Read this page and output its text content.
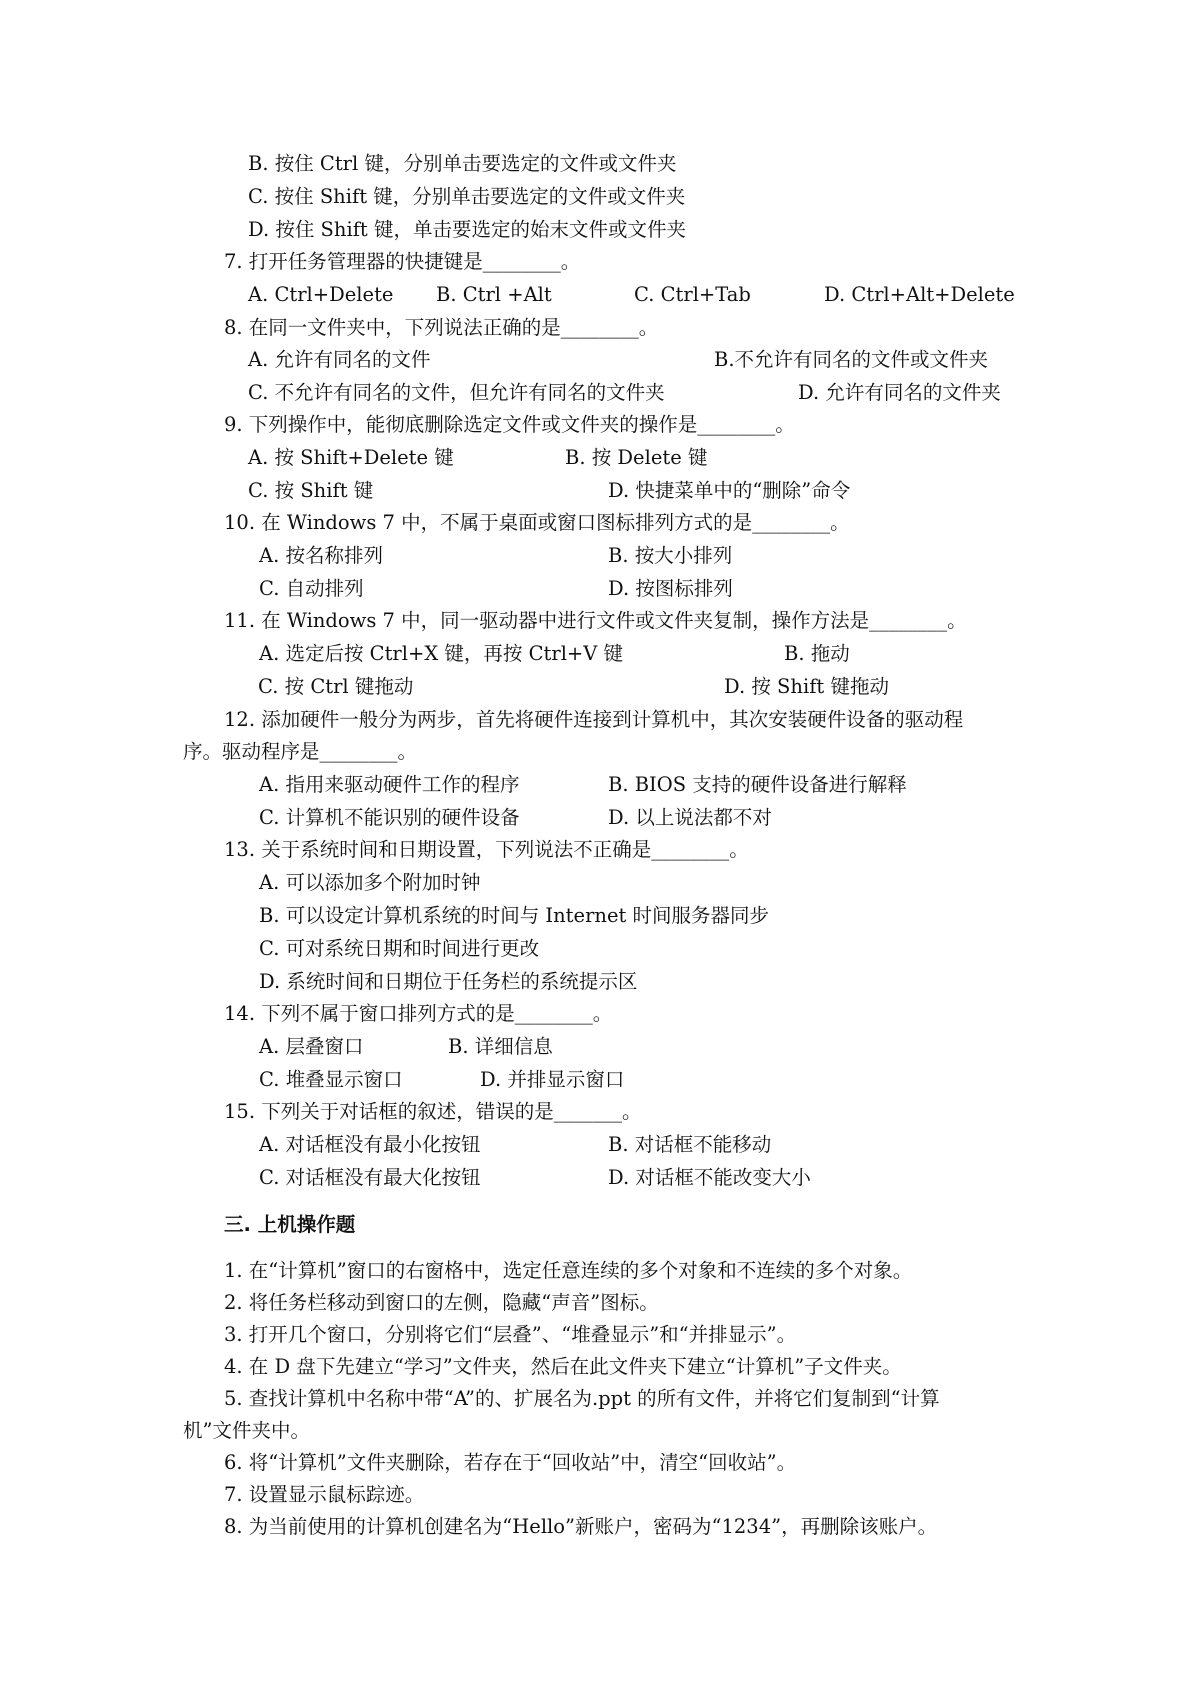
B. 按住 Ctrl 键，分别单击要选定的文件或文件夹
C. 按住 Shift 键，分别单击要选定的文件或文件夹
D. 按住 Shift 键，单击要选定的始末文件或文件夹
7. 打开任务管理器的快捷键是________。
A. Ctrl+Delete B. Ctrl +Alt	C. Ctrl+Tab	D. Ctrl+Alt+Delete
8. 在同一文件夹中，下列说法正确的是________。
A. 允许有同名的文件	B.不允许有同名的文件或文件夹
C. 不允许有同名的文件，但允许有同名的文件夹	D. 允许有同名的文件夹
9. 下列操作中，能彻底删除选定文件或文件夹的操作是________。
A. 按 Shift+Delete 键	B. 按 Delete 键
C. 按 Shift 键	D. 快捷菜单中的“删除”命令
10. 在 Windows 7 中，不属于桌面或窗口图标排列方式的是________。
A. 按名称排列	B. 按大小排列
C. 自动排列	D. 按图标排列
11. 在 Windows 7 中，同一驱动器中进行文件或文件夹复制，操作方法是________。
A. 选定后按 Ctrl+X 键，再按 Ctrl+V 键	B. 拖动
C. 按 Ctrl 键拖动	D. 按 Shift 键拖动
12. 添加硬件一般分为两步，首先将硬件连接到计算机中，其次安装硬件设备的驱动程
序。驱动程序是________。
A. 指用来驱动硬件工作的程序	B. BIOS 支持的硬件设备进行解释
C. 计算机不能识别的硬件设备	D. 以上说法都不对
13. 关于系统时间和日期设置，下列说法不正确是________。
A. 可以添加多个附加时钟
B. 可以设定计算机系统的时间与 Internet 时间服务器同步
C. 可对系统日期和时间进行更改
D. 系统时间和日期位于任务栏的系统提示区
14. 下列不属于窗口排列方式的是________。
A. 层叠窗口	B. 详细信息
C. 堆叠显示窗口	D. 并排显示窗口
15. 下列关于对话框的叙述，错误的是_______。
A. 对话框没有最小化按钮	B. 对话框不能移动
C. 对话框没有最大化按钮	D. 对话框不能改变大小
三. 上机操作题
1. 在“计算机”窗口的右窗格中，选定任意连续的多个对象和不连续的多个对象。
2. 将任务栏移动到窗口的左侧，隐藏“声音”图标。
3. 打开几个窗口，分别将它们“层叠”、“堆叠显示”和“并排显示”。
4. 在 D 盘下先建立“学习”文件夹，然后在此文件夹下建立“计算机”子文件夹。
5. 查找计算机中名称中带“A”的、扩展名为.ppt 的所有文件，并将它们复制到“计算
机”文件夹中。
6. 将“计算机”文件夹删除，若存在于“回收站”中，清空“回收站”。
7. 设置显示鼠标踪迹。
8. 为当前使用的计算机创建名为“Hello”新账户，密码为“1234”，再删除该账户。
